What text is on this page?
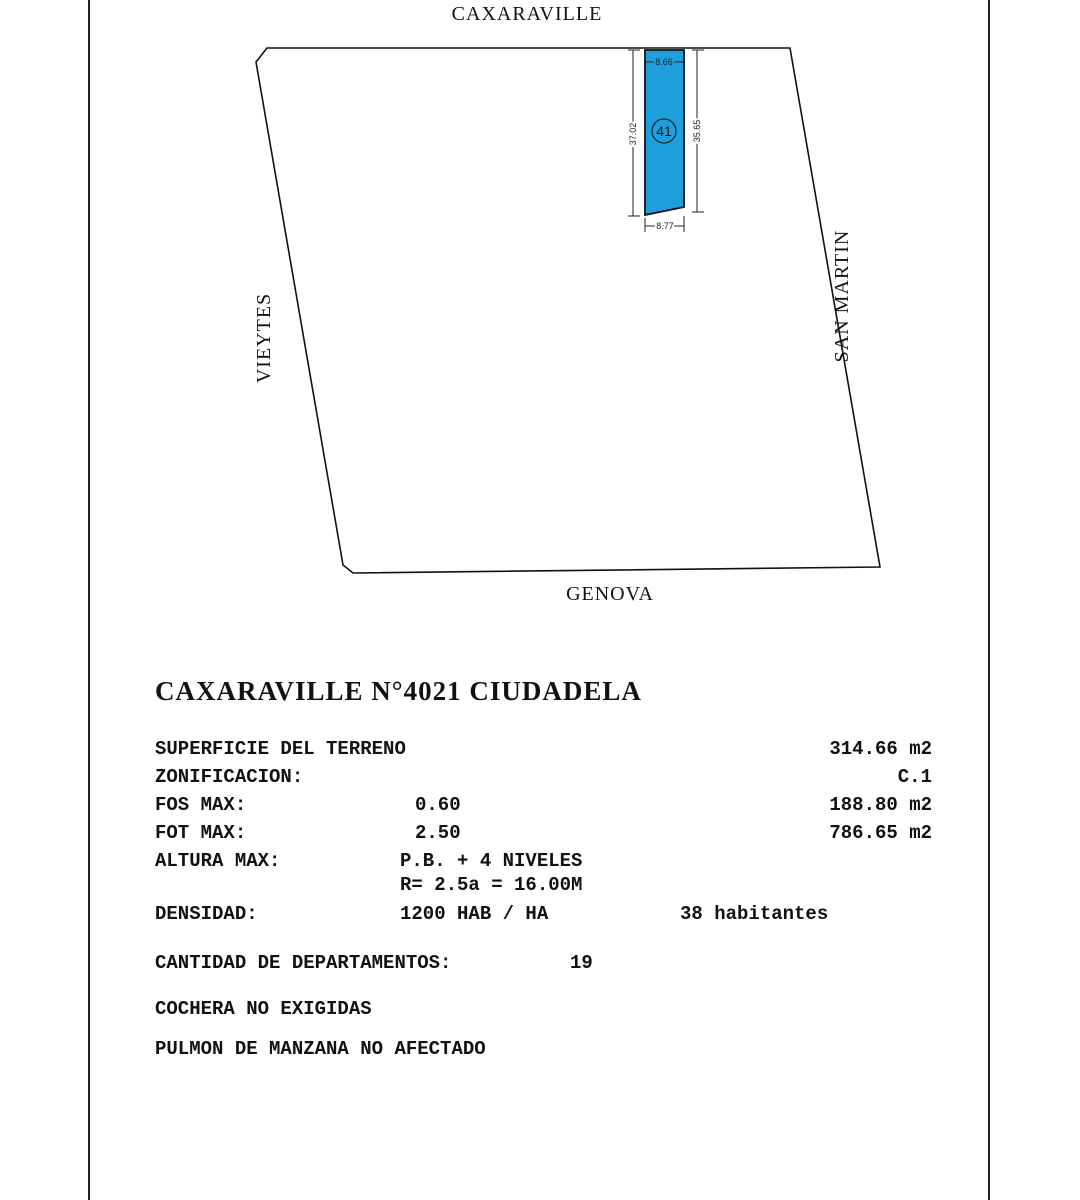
8.66
8.77
37.02	35.65
41
CAXARAVILLE
GENOVA
VIEYTES	SAN MARTIN
CAXARAVILLE N°4021 CIUDADELA
SUPERFICIE DEL TERRENO	314.66 m2
ZONIFICACION:	C.1
FOS MAX:	0.60	188.80 m2
FOT MAX:	2.50	786.65 m2
ALTURA MAX:	P.B. + 4 NIVELES
R= 2.5a = 16.00M
DENSIDAD:	1200 HAB / HA	38 habitantes
CANTIDAD DE DEPARTAMENTOS:	19
COCHERA NO EXIGIDAS
PULMON DE MANZANA NO AFECTADO
